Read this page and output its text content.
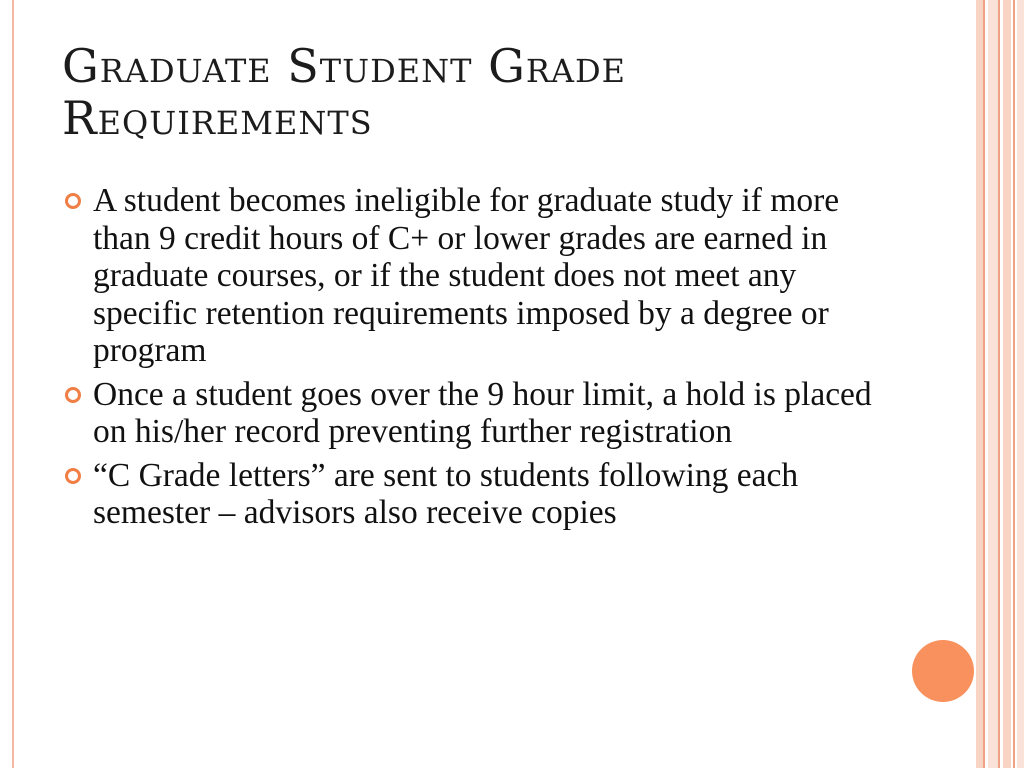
Graduate Student Grade Requirements
A student becomes ineligible for graduate study if more than 9 credit hours of C+ or lower grades are earned in graduate courses, or if the student does not meet any specific retention requirements imposed by a degree or program
Once a student goes over the 9 hour limit, a hold is placed on his/her record preventing further registration
“C Grade letters” are sent to students following each semester – advisors also receive copies
